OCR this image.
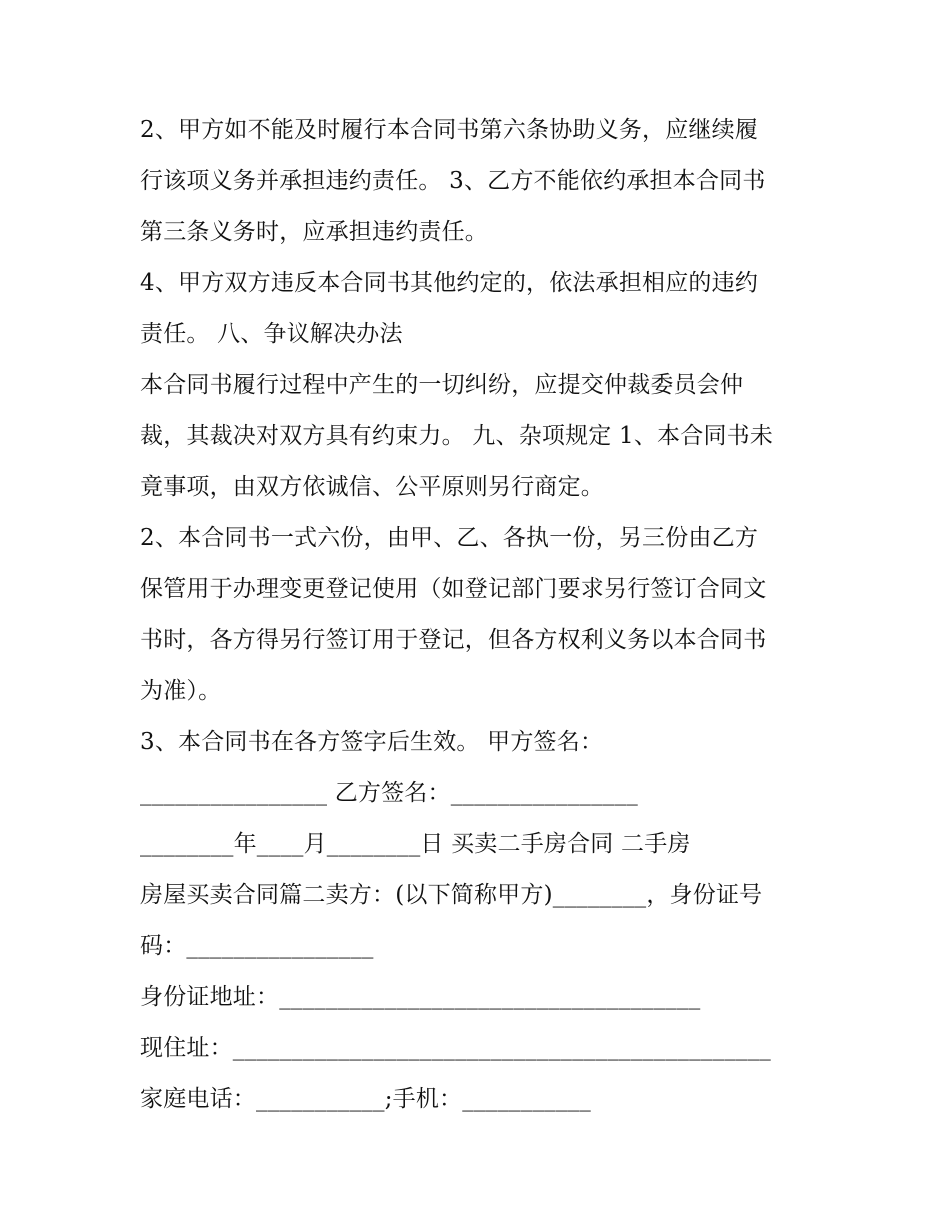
2、甲方如不能及时履行本合同书第六条协助义务，应继续履
行该项义务并承担违约责任。 3、乙方不能依约承担本合同书
第三条义务时，应承担违约责任。
4、甲方双方违反本合同书其他约定的，依法承担相应的违约
责任。 八、争议解决办法
本合同书履行过程中产生的一切纠纷，应提交仲裁委员会仲
裁，其裁决对双方具有约束力。 九、杂项规定 1、本合同书未
竟事项，由双方依诚信、公平原则另行商定。
2、本合同书一式六份，由甲、乙、各执一份，另三份由乙方
保管用于办理变更登记使用（如登记部门要求另行签订合同文
书时，各方得另行签订用于登记，但各方权利义务以本合同书
为准）。
3、本合同书在各方签字后生效。 甲方签名：
________________ 乙方签名：________________
________年____月________日 买卖二手房合同 二手房
房屋买卖合同篇二卖方：(以下简称甲方)________，身份证号
码：________________
身份证地址：____________________________________
现住址：______________________________________________
家庭电话：___________;手机：___________
